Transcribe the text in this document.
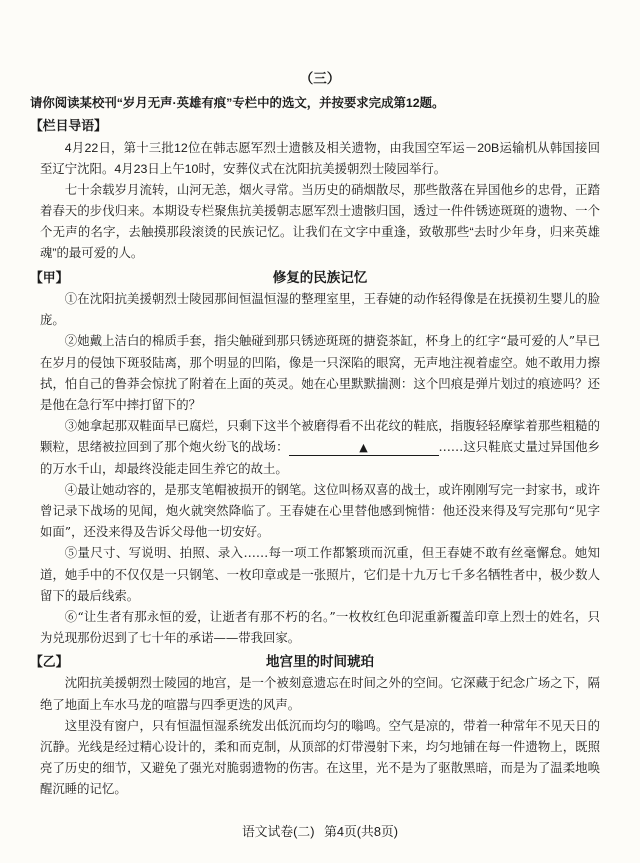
（三）
请你阅读某校刊“岁月无声·英雄有痕”专栏中的选文，并按要求完成第12题。
【栏目导语】

4月22日，第十三批12位在韩志愿军烈士遗骸及相关遗物，由我国空军运－20B运输机从韩国接回至辽宁沈阳。4月23日上午10时，安葬仪式在沈阳抗美援朝烈士陵园举行。

七十余载岁月流转，山河无恙，烟火寻常。当历史的硝烟散尽，那些散落在异国他乡的忠骨，正踏着春天的步伐归来。本期设专栏聚焦抗美援朝志愿军烈士遗骸归国，透过一件件锈迹斑斑的遗物、一个个无声的名字，去触摸那段滚烫的民族记忆。让我们在文字中重逢，致敬那些“去时少年身，归来英雄魂”的最可爱的人。

【甲】	修复的民族记忆

①在沈阳抗美援朝烈士陵园那间恒温恒湿的整理室里，王春婕的动作轻得像是在抚摸初生婴儿的脸庞。

②她戴上洁白的棉质手套，指尖触碰到那只锈迹斑斑的搪瓷茶缸，杯身上的红字“最可爱的人”早已在岁月的侵蚀下斑驳陆离，那个明显的凹陷，像是一只深陷的眼窝，无声地注视着虚空。她不敢用力擦拭，怕自己的鲁莽会惊扰了附着在上面的英灵。她在心里默默揣测：这个凹痕是弹片划过的痕迹吗？还是他在急行军中摔打留下的？

③她拿起那双鞋面早已腐烂，只剩下这半个被磨得看不出花纹的鞋底，指腹轻轻摩挲着那些粗糙的颗粒，思绪被拉回到了那个炮火纷飞的战场：	▲	……这只鞋底丈量过异国他乡的万水千山，却最终没能走回生养它的故土。

④最让她动容的，是那支笔帽被损开的钢笔。这位叫杨双喜的战士，或许刚刚写完一封家书，或许曾记录下战场的见闻，炮火就突然降临了。王春婕在心里替他感到惋惜：他还没来得及写完那句“见字如面”，还没来得及告诉父母他一切安好。

⑤量尺寸、写说明、拍照、录入……每一项工作都繁琐而沉重，但王春婕不敢有丝毫懈怠。她知道，她手中的不仅仅是一只钢笔、一枚印章或是一张照片，它们是十九万七千多名牺牲者中，极少数人留下的最后线索。

⑥“让生者有那永恒的爱，让逝者有那不朽的名。”一枚枚红色印泥重新覆盖印章上烈士的姓名，只为兑现那份迟到了七十年的承诺——带我回家。

【乙】	地宫里的时间琥珀

沈阳抗美援朝烈士陵园的地宫，是一个被刻意遗忘在时间之外的空间。它深藏于纪念广场之下，隔绝了地面上车水马龙的喧嚣与四季更迭的风声。

这里没有窗户，只有恒温恒湿系统发出低沉而均匀的嗡鸣。空气是凉的，带着一种常年不见天日的沉静。光线是经过精心设计的，柔和而克制，从顶部的灯带漫射下来，均匀地铺在每一件遗物上，既照亮了历史的细节，又避免了强光对脆弱遗物的伤害。在这里，光不是为了驱散黑暗，而是为了温柔地唤醒沉睡的记忆。

语文试卷(二) 第4页(共8页)
